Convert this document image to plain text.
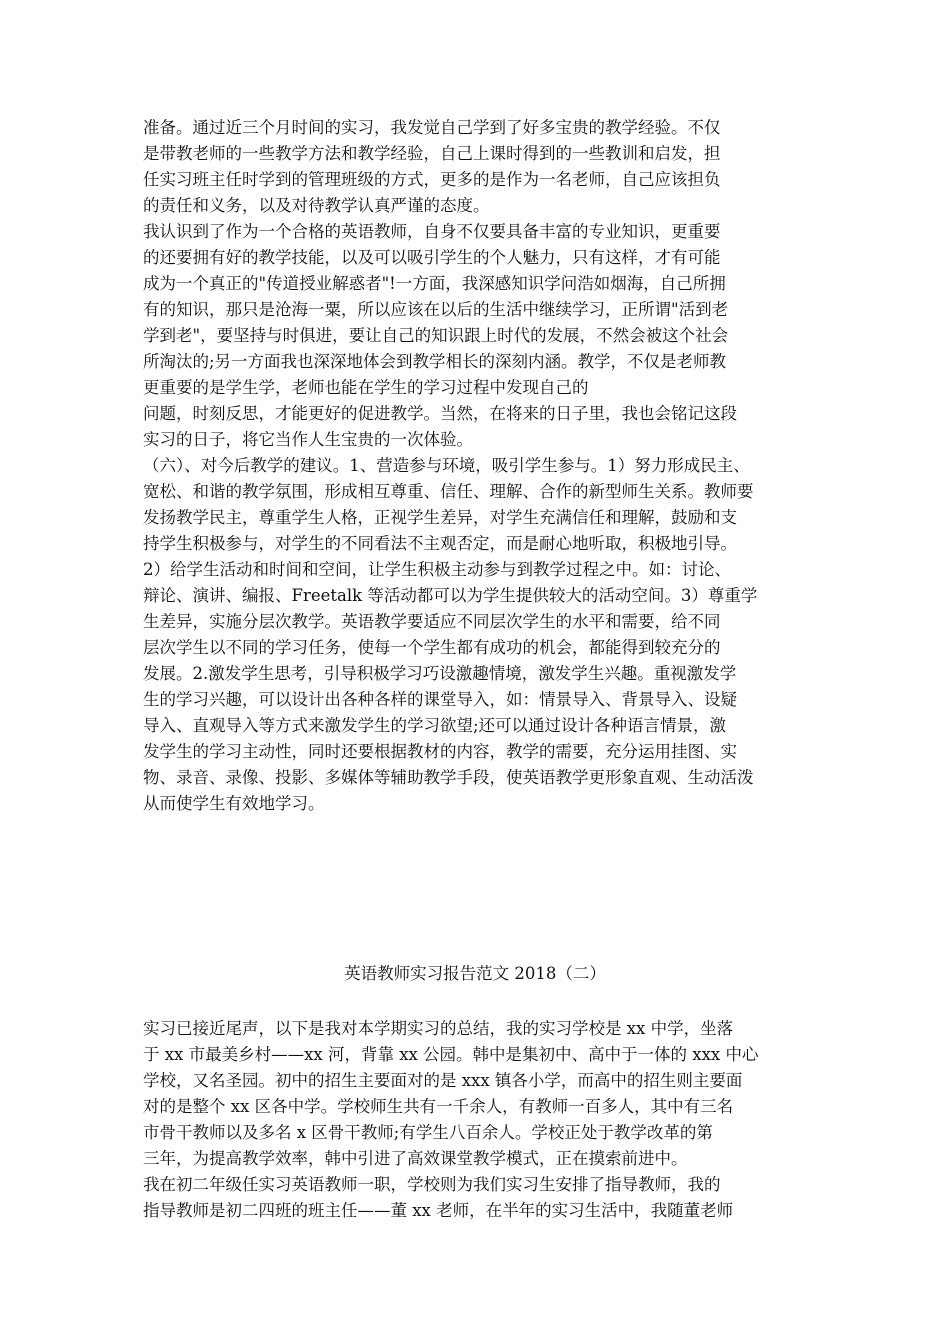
准备。通过近三个月时间的实习，我发觉自己学到了好多宝贵的教学经验。不仅

是带教老师的一些教学方法和教学经验，自己上课时得到的一些教训和启发，担

任实习班主任时学到的管理班级的方式，更多的是作为一名老师，自己应该担负

的责任和义务，以及对待教学认真严谨的态度。

我认识到了作为一个合格的英语教师，自身不仅要具备丰富的专业知识，更重要

的还要拥有好的教学技能，以及可以吸引学生的个人魅力，只有这样，才有可能

成为一个真正的"传道授业解惑者"!一方面，我深感知识学问浩如烟海，自己所拥

有的知识，那只是沧海一粟，所以应该在以后的生活中继续学习，正所谓"活到老

学到老"，要坚持与时俱进，要让自己的知识跟上时代的发展，不然会被这个社会

所淘汰的;另一方面我也深深地体会到教学相长的深刻内涵。教学，不仅是老师教

更重要的是学生学，老师也能在学生的学习过程中发现自己的

问题，时刻反思，才能更好的促进教学。当然，在将来的日子里，我也会铭记这段

实习的日子，将它当作人生宝贵的一次体验。

（六）、对今后教学的建议。1、营造参与环境，吸引学生参与。1）努力形成民主、

宽松、和谐的教学氛围，形成相互尊重、信任、理解、合作的新型师生关系。教师要

发扬教学民主，尊重学生人格，正视学生差异，对学生充满信任和理解，鼓励和支

持学生积极参与，对学生的不同看法不主观否定，而是耐心地听取，积极地引导。

2）给学生活动和时间和空间，让学生积极主动参与到教学过程之中。如：讨论、

辩论、演讲、编报、Freetalk 等活动都可以为学生提供较大的活动空间。3）尊重学

生差异，实施分层次教学。英语教学要适应不同层次学生的水平和需要，给不同

层次学生以不同的学习任务，使每一个学生都有成功的机会，都能得到较充分的

发展。2.激发学生思考，引导积极学习巧设激趣情境，激发学生兴趣。重视激发学

生的学习兴趣，可以设计出各种各样的课堂导入，如：情景导入、背景导入、设疑

导入、直观导入等方式来激发学生的学习欲望;还可以通过设计各种语言情景，激

发学生的学习主动性，同时还要根据教材的内容，教学的需要，充分运用挂图、实

物、录音、录像、投影、多媒体等辅助教学手段，使英语教学更形象直观、生动活泼

从而使学生有效地学习。

英语教师实习报告范文 2018（二）

实习已接近尾声，以下是我对本学期实习的总结，我的实习学校是 xx 中学，坐落

于 xx 市最美乡村——xx 河，背靠 xx 公园。韩中是集初中、高中于一体的 xxx 中心

学校，又名圣园。初中的招生主要面对的是 xxx 镇各小学，而高中的招生则主要面

对的是整个 xx 区各中学。学校师生共有一千余人，有教师一百多人，其中有三名

市骨干教师以及多名 x 区骨干教师;有学生八百余人。学校正处于教学改革的第

三年，为提高教学效率，韩中引进了高效课堂教学模式，正在摸索前进中。

我在初二年级任实习英语教师一职，学校则为我们实习生安排了指导教师，我的

指导教师是初二四班的班主任——董 xx 老师，在半年的实习生活中，我随董老师
